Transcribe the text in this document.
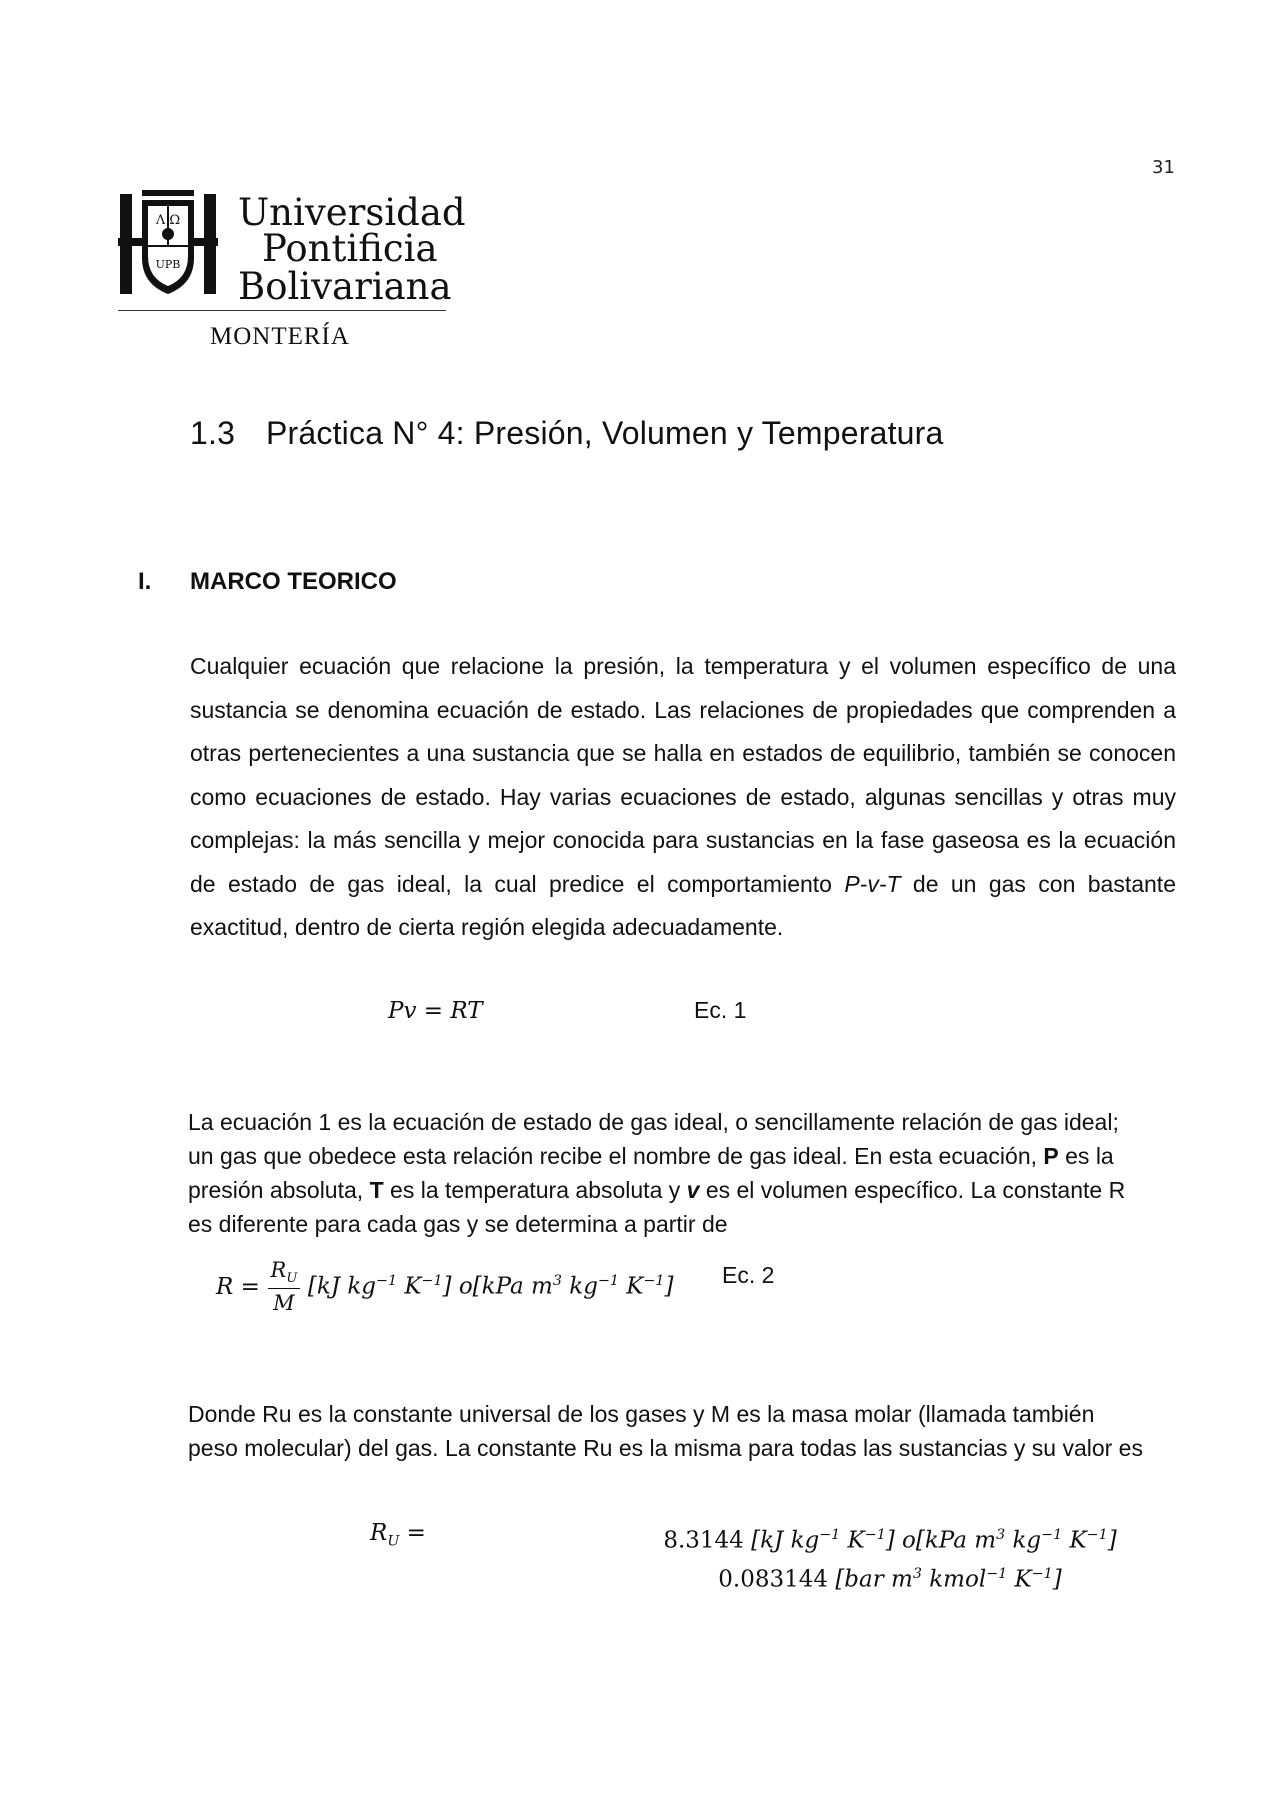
31
Λ Ω
UPB
Universidad
Pontificia
Bolivariana
MONTERÍA
1.3 Práctica N° 4: Presión, Volumen y Temperatura
I. MARCO TEORICO

Cualquier ecuación que relacione la presión, la temperatura y el volumen específico de una sustancia se denomina ecuación de estado. Las relaciones de propiedades que comprenden a otras pertenecientes a una sustancia que se halla en estados de equilibrio, también se conocen como ecuaciones de estado. Hay varias ecuaciones de estado, algunas sencillas y otras muy complejas: la más sencilla y mejor conocida para sustancias en la fase gaseosa es la ecuación de estado de gas ideal, la cual predice el comportamiento P-v-T de un gas con bastante exactitud, dentro de cierta región elegida adecuadamente.

Pv = RT	Ec. 1

La ecuación 1 es la ecuación de estado de gas ideal, o sencillamente relación de gas ideal; un gas que obedece esta relación recibe el nombre de gas ideal. En esta ecuación, P es la presión absoluta, T es la temperatura absoluta y v es el volumen específico. La constante R es diferente para cada gas y se determina a partir de

$R = \frac{R_U}{M} [kJ$ $kg^{-1}$ $K^{-1}$] o[kPa $m^3$ $kg^{-1}$ $K^{-1}$] Ec. 2

Donde Ru es la constante universal de los gases y M es la masa molar (llamada también peso molecular) del gas. La constante Ru es la misma para todas las sustancias y su valor es

$R_U$ =	8.3144 [kJ $kg^{-1}$ $K^{-1}$] o[kPa $m^3$ $kg^{-1}$ $K^{-1}$]
0.083144 [bar $m^3$ kmol$^{-1}$ $K^{-1}$]
